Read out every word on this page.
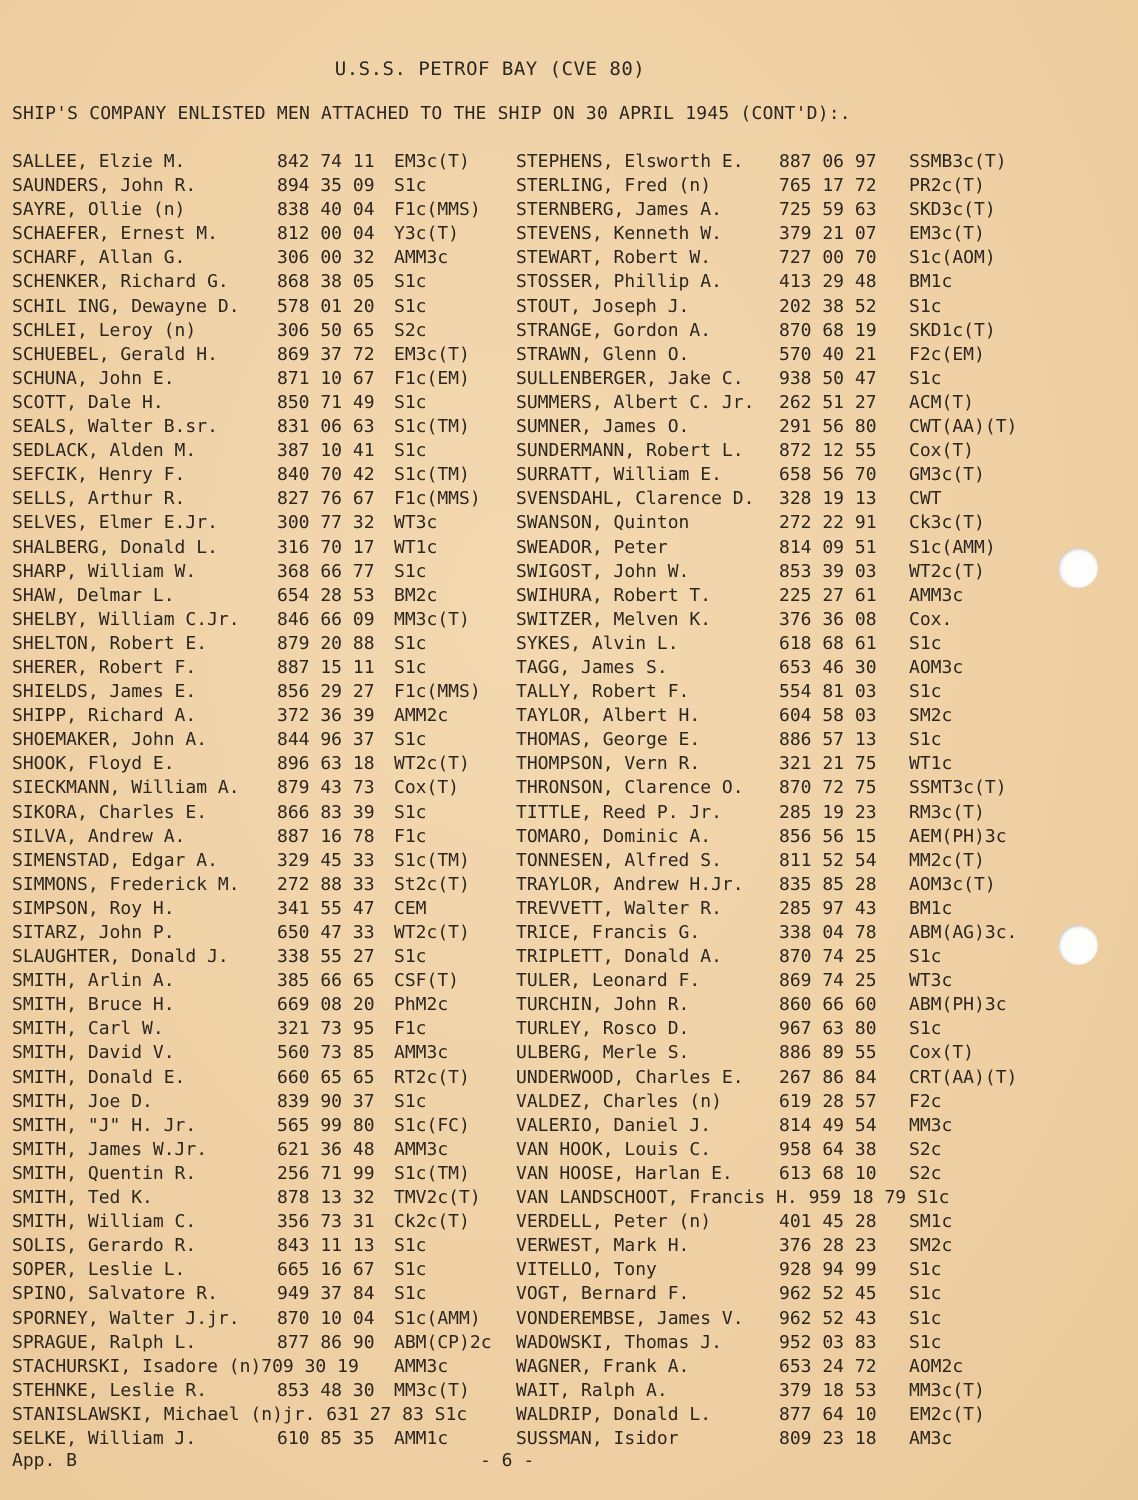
U.S.S. PETROF BAY (CVE 80)
SHIP'S COMPANY ENLISTED MEN ATTACHED TO THE SHIP ON 30 APRIL 1945 (CONT'D):.
SALLEE, Elzie M.	842 74 11 EM3c(T)	STEPHENS, Elsworth E. 887 06 97 SSMB3c(T)
SAUNDERS, John R.	894 35 09 S1c	STERLING, Fred (n)	765 17 72 PR2c(T)
SAYRE, Ollie (n)	838 40 04 F1c(MMS) STERNBERG, James A.	725 59 63 SKD3c(T)
SCHAEFER, Ernest M.	812 00 04 Y3c(T)	STEVENS, Kenneth W.	379 21 07 EM3c(T)
SCHARF, Allan G.	306 00 32 AMM3c	STEWART, Robert W.	727 00 70 S1c(AOM)
SCHENKER, Richard G.	868 38 05 S1c	STOSSER, Phillip A.	413 29 48 BM1c
SCHIL ING, Dewayne D. 578 01 20 S1c	STOUT, Joseph J.	202 38 52 S1c
SCHLEI, Leroy (n)	306 50 65 S2c	STRANGE, Gordon A.	870 68 19 SKD1c(T)
SCHUEBEL, Gerald H.	869 37 72 EM3c(T)	STRAWN, Glenn O.	570 40 21 F2c(EM)
SCHUNA, John E.	871 10 67 F1c(EM)	SULLENBERGER, Jake C. 938 50 47 S1c
SCOTT, Dale H.	850 71 49 S1c	SUMMERS, Albert C. Jr. 262 51 27 ACM(T)
SEALS, Walter B.sr.	831 06 63 S1c(TM)	SUMNER, James O.	291 56 80 CWT(AA)(T)
SEDLACK, Alden M.	387 10 41 S1c	SUNDERMANN, Robert L. 872 12 55 Cox(T)
SEFCIK, Henry F.	840 70 42 S1c(TM)	SURRATT, William E.	658 56 70 GM3c(T)
SELLS, Arthur R.	827 76 67 F1c(MMS) SVENSDAHL, Clarence D. 328 19 13 CWT
SELVES, Elmer E.Jr.	300 77 32 WT3c	SWANSON, Quinton	272 22 91 Ck3c(T)
SHALBERG, Donald L.	316 70 17 WT1c	SWEADOR, Peter	814 09 51 S1c(AMM)
SHARP, William W.	368 66 77 S1c	SWIGOST, John W.	853 39 03 WT2c(T)
SHAW, Delmar L.	654 28 53 BM2c	SWIHURA, Robert T.	225 27 61 AMM3c
SHELBY, William C.Jr. 846 66 09 MM3c(T)	SWITZER, Melven K.	376 36 08 Cox.
SHELTON, Robert E.	879 20 88 S1c	SYKES, Alvin L.	618 68 61 S1c
SHERER, Robert F.	887 15 11 S1c	TAGG, James S.	653 46 30 AOM3c
SHIELDS, James E.	856 29 27 F1c(MMS) TALLY, Robert F.	554 81 03 S1c
SHIPP, Richard A.	372 36 39 AMM2c	TAYLOR, Albert H.	604 58 03 SM2c
SHOEMAKER, John A.	844 96 37 S1c	THOMAS, George E.	886 57 13 S1c
SHOOK, Floyd E.	896 63 18 WT2c(T)	THOMPSON, Vern R.	321 21 75 WT1c
SIECKMANN, William A. 879 43 73 Cox(T)	THRONSON, Clarence O. 870 72 75 SSMT3c(T)
SIKORA, Charles E.	866 83 39 S1c	TITTLE, Reed P. Jr.	285 19 23 RM3c(T)
SILVA, Andrew A.	887 16 78 F1c	TOMARO, Dominic A.	856 56 15 AEM(PH)3c
SIMENSTAD, Edgar A.	329 45 33 S1c(TM)	TONNESEN, Alfred S.	811 52 54 MM2c(T)
SIMMONS, Frederick M. 272 88 33 St2c(T)	TRAYLOR, Andrew H.Jr. 835 85 28 AOM3c(T)
SIMPSON, Roy H.	341 55 47 CEM	TREVVETT, Walter R.	285 97 43 BM1c
SITARZ, John P.	650 47 33 WT2c(T)	TRICE, Francis G.	338 04 78 ABM(AG)3c.
SLAUGHTER, Donald J.	338 55 27 S1c	TRIPLETT, Donald A.	870 74 25 S1c
SMITH, Arlin A.	385 66 65 CSF(T)	TULER, Leonard F.	869 74 25 WT3c
SMITH, Bruce H.	669 08 20 PhM2c	TURCHIN, John R.	860 66 60 ABM(PH)3c
SMITH, Carl W.	321 73 95 F1c	TURLEY, Rosco D.	967 63 80 S1c
SMITH, David V.	560 73 85 AMM3c	ULBERG, Merle S.	886 89 55 Cox(T)
SMITH, Donald E.	660 65 65 RT2c(T)	UNDERWOOD, Charles E. 267 86 84 CRT(AA)(T)
SMITH, Joe D.	839 90 37 S1c	VALDEZ, Charles (n)	619 28 57 F2c
SMITH, "J" H. Jr.	565 99 80 S1c(FC)	VALERIO, Daniel J.	814 49 54 MM3c
SMITH, James W.Jr.	621 36 48 AMM3c	VAN HOOK, Louis C.	958 64 38 S2c
SMITH, Quentin R.	256 71 99 S1c(TM)	VAN HOOSE, Harlan E.	613 68 10 S2c
SMITH, Ted K.	878 13 32 TMV2c(T) VAN LANDSCHOOT, Francis H. 959 18 79 S1c
SMITH, William C.	356 73 31 Ck2c(T)	VERDELL, Peter (n)	401 45 28 SM1c
SOLIS, Gerardo R.	843 11 13 S1c	VERWEST, Mark H.	376 28 23 SM2c
SOPER, Leslie L.	665 16 67 S1c	VITELLO, Tony	928 94 99 S1c
SPINO, Salvatore R.	949 37 84 S1c	VOGT, Bernard F.	962 52 45 S1c
SPORNEY, Walter J.jr. 870 10 04 S1c(AMM) VONDEREMBSE, James V. 962 52 43 S1c
SPRAGUE, Ralph L.	877 86 90 ABM(CP)2c WADOWSKI, Thomas J.	952 03 83 S1c
STACHURSKI, Isadore (n)709 30 19 AMM3c	WAGNER, Frank A.	653 24 72 AOM2c
STEHNKE, Leslie R.	853 48 30 MM3c(T)	WAIT, Ralph A.	379 18 53 MM3c(T)
STANISLAWSKI, Michael (n)jr. 631 27 83 S1c	WALDRIP, Donald L.	877 64 10 EM2c(T)
SELKE, William J.	610 85 35 AMM1c	SUSSMAN, Isidor	809 23 18 AM3c
App. B	- 6 -
